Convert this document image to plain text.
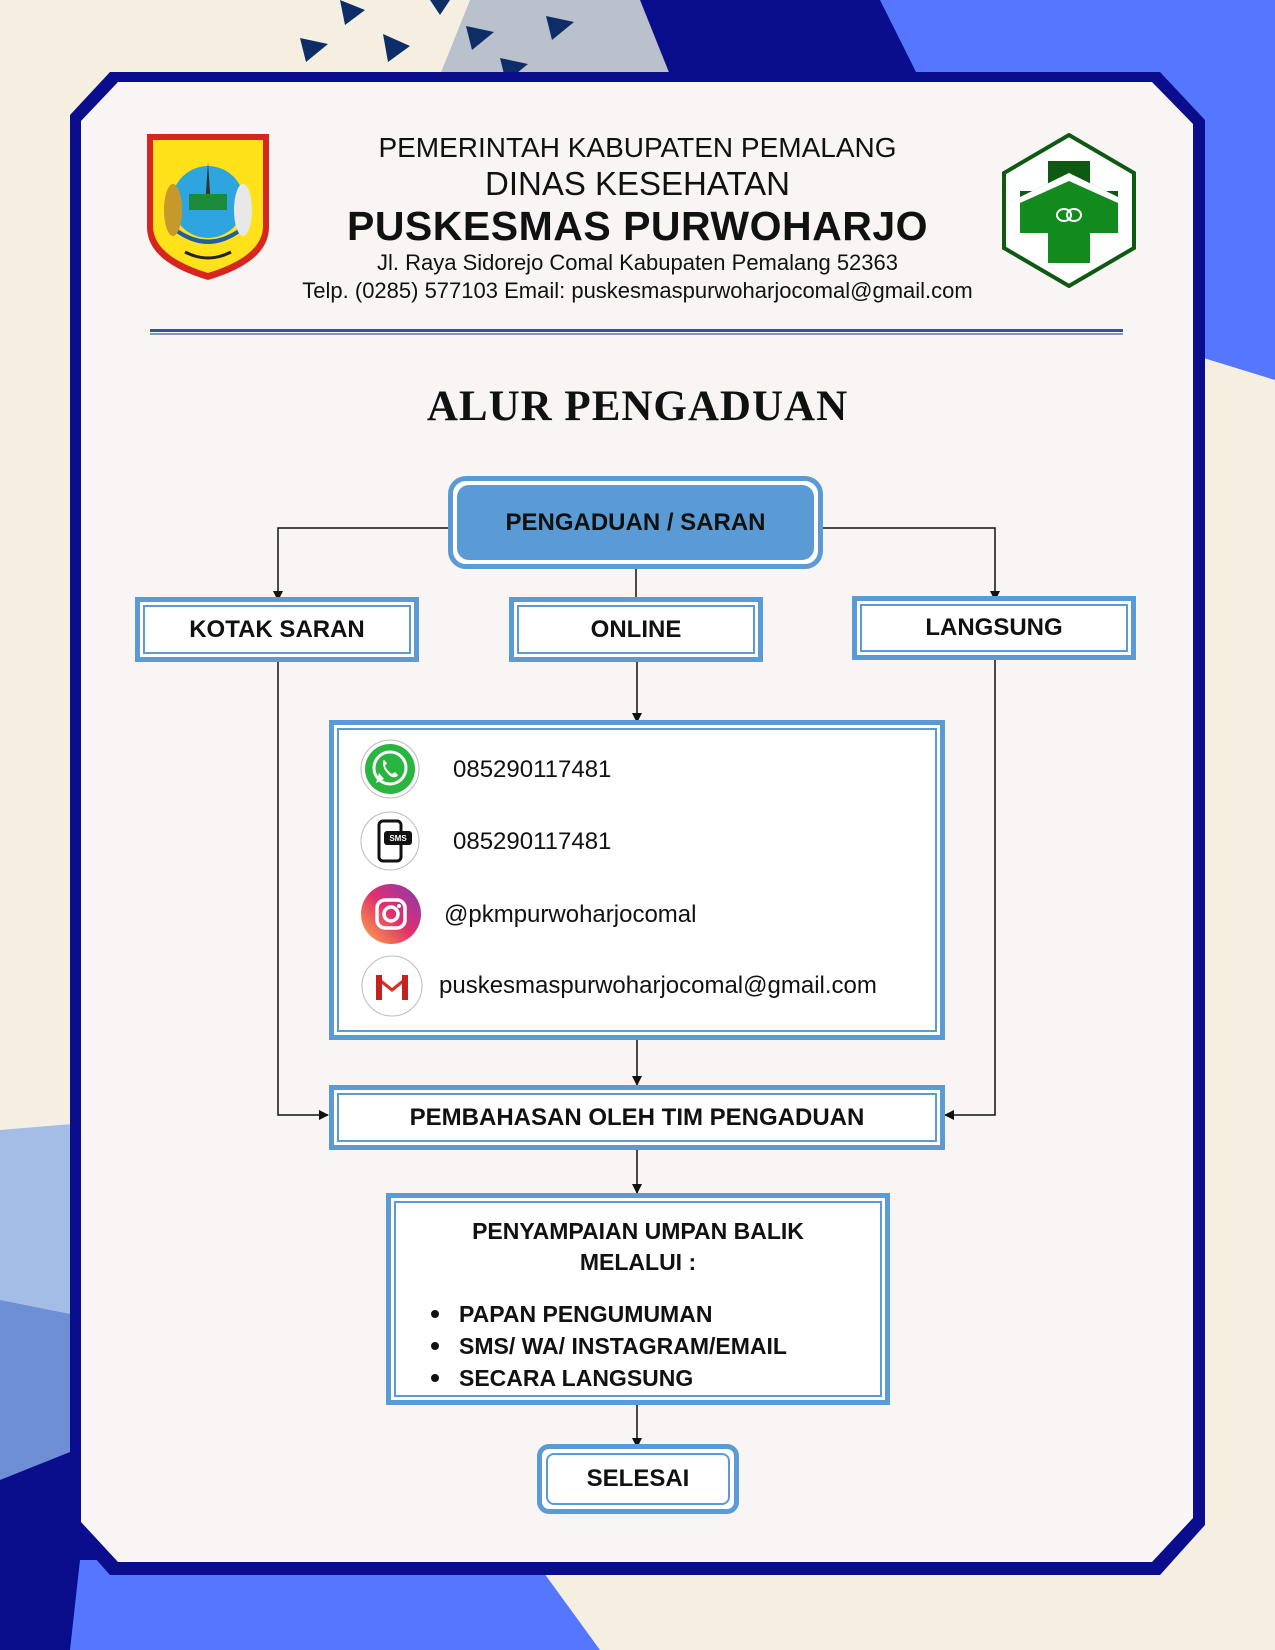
PEMERINTAH KABUPATEN PEMALANG
DINAS KESEHATAN
PUSKESMAS PURWOHARJO
Jl. Raya Sidorejo Comal Kabupaten Pemalang 52363
Telp. (0285) 577103 Email: puskesmaspurwoharjocomal@gmail.com
ALUR PENGADUAN
PENGADUAN / SARAN
KOTAK SARAN	ONLINE	LANGSUNG
085290117481
SMS 085290117481
@pkmpurwoharjocomal
puskesmaspurwoharjocomal@gmail.com
PEMBAHASAN OLEH TIM PENGADUAN
PENYAMPAIAN UMPAN BALIK
MELALUI :
PAPAN PENGUMUMAN
SMS/ WA/ INSTAGRAM/EMAIL
SECARA LANGSUNG
SELESAI
